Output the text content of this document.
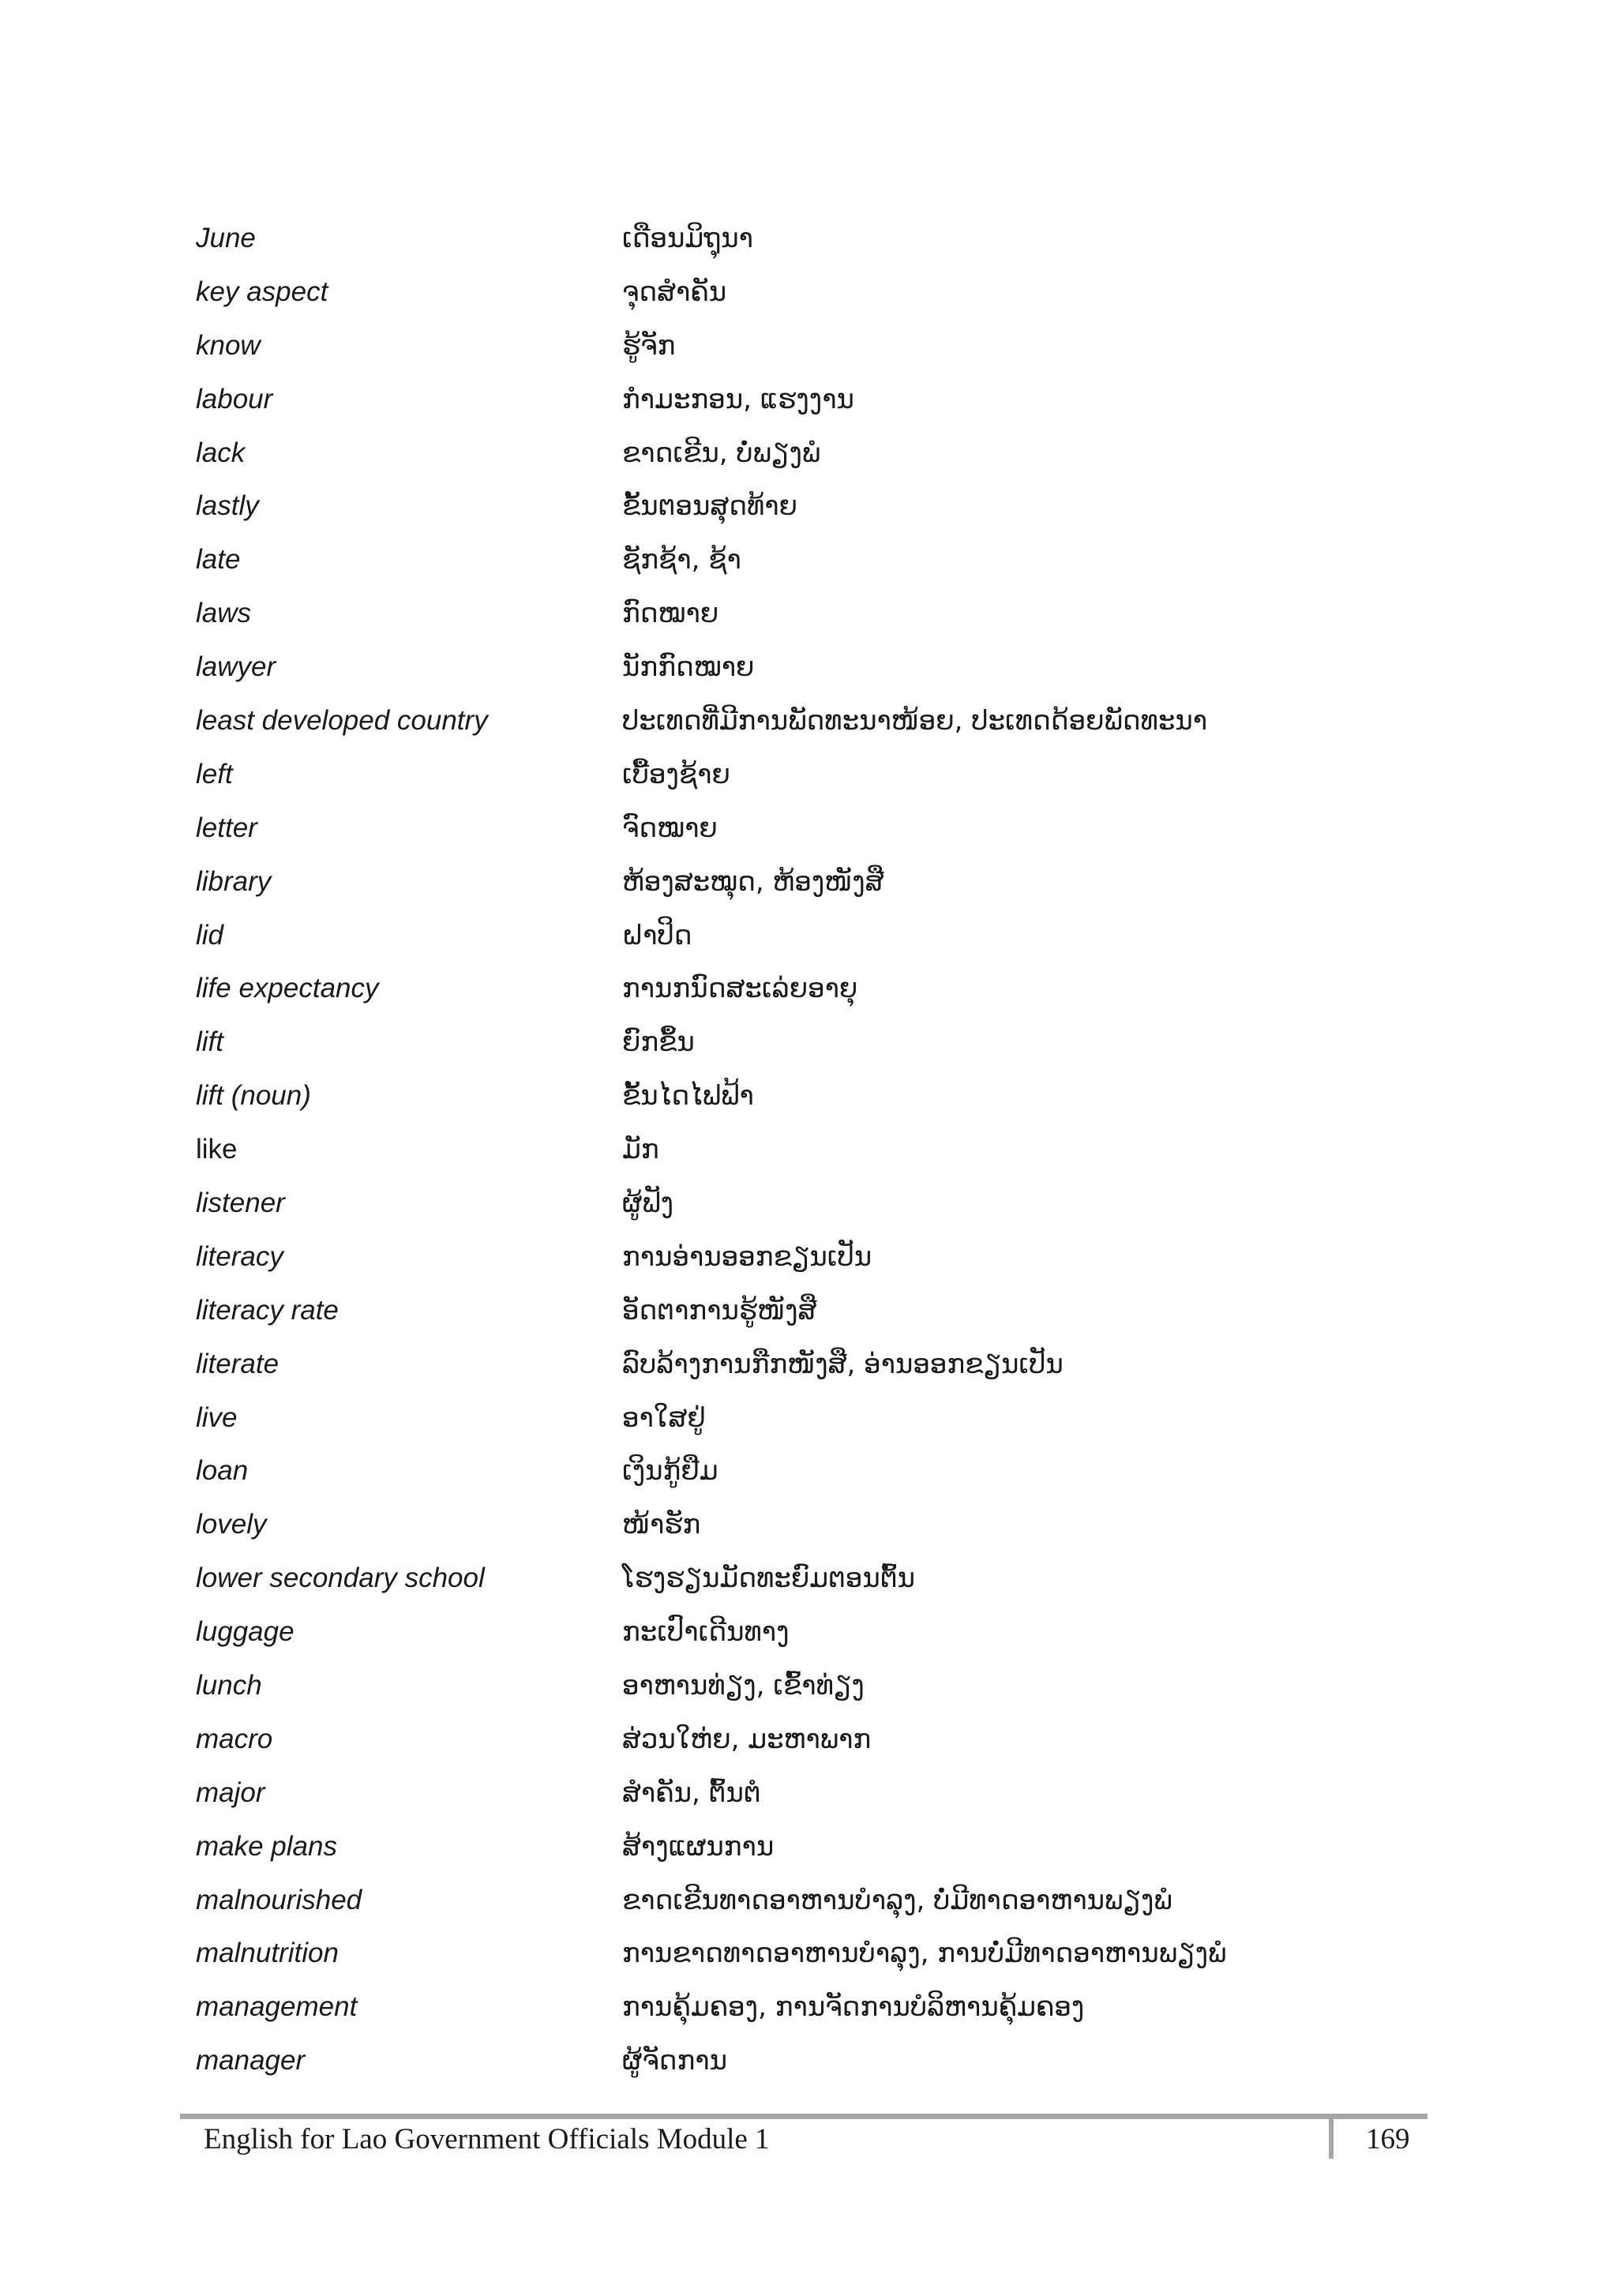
June	ເດືອນມິຖຸນາ
key aspect	ຈຸດສຳຄັນ
know	ຮູ້ຈັກ
labour	ກຳມະກອນ, ແຮງງານ
lack	ຂາດເຂີນ, ບໍ່ພຽງພໍ
lastly	ຂັ້ນຕອນສຸດທ້າຍ
late	ຊັກຊ້າ, ຊ້າ
laws	ກົດໝາຍ
lawyer	ນັກກົດໝາຍ
least developed country	ປະເທດທີ່ມີການພັດທະນາໜ້ອຍ, ປະເທດດ້ອຍພັດທະນາ
left	ເບື້ອງຊ້າຍ
letter	ຈົດໝາຍ
library	ຫ້ອງສະໝຸດ, ຫ້ອງໜັງສື
lid	ຝາປິດ
life expectancy	ການກນົດສະເລ່ຍອາຍຸ
lift	ຍົກຂຶ້ນ
lift (noun)	ຂັ້ນໄດໄຟຟ້າ
like	ມັກ
listener	ຜູ້ຟັງ
literacy	ການອ່ານອອກຂຽນເປັນ
literacy rate	ອັດຕາການຮູ້ໜັງສື
literate	ລົບລ້າງການກືກໜັງສື, ອ່ານອອກຂຽນເປັນ
live	ອາໃສຢູ່
loan	ເງິນກູ້ຢືມ
lovely	ໜ້າຮັກ
lower secondary school	ໂຮງຮຽນມັດທະຍົມຕອນຕົ້ນ
luggage	ກະເປົາເດີນທາງ
lunch	ອາຫານທ່ຽງ, ເຂົ້າທ່ຽງ
macro	ສ່ວນໃຫ່ຍ, ມະຫາພາກ
major	ສຳຄັນ, ຕົ້ນຕໍ
make plans	ສ້າງແຜນການ
malnourished	ຂາດເຂີນທາດອາຫານບຳລຸງ, ບໍ່ມີທາດອາຫານພຽງພໍ
malnutrition	ການຂາດທາດອາຫານບຳລຸງ, ການບໍ່ມີທາດອາຫານພຽງພໍ
management	ການຄຸ້ມຄອງ, ການຈັດການບໍລິຫານຄຸ້ມຄອງ
manager	ຜູ້ຈັດການ
English for Lao Government Officials Module 1	169
